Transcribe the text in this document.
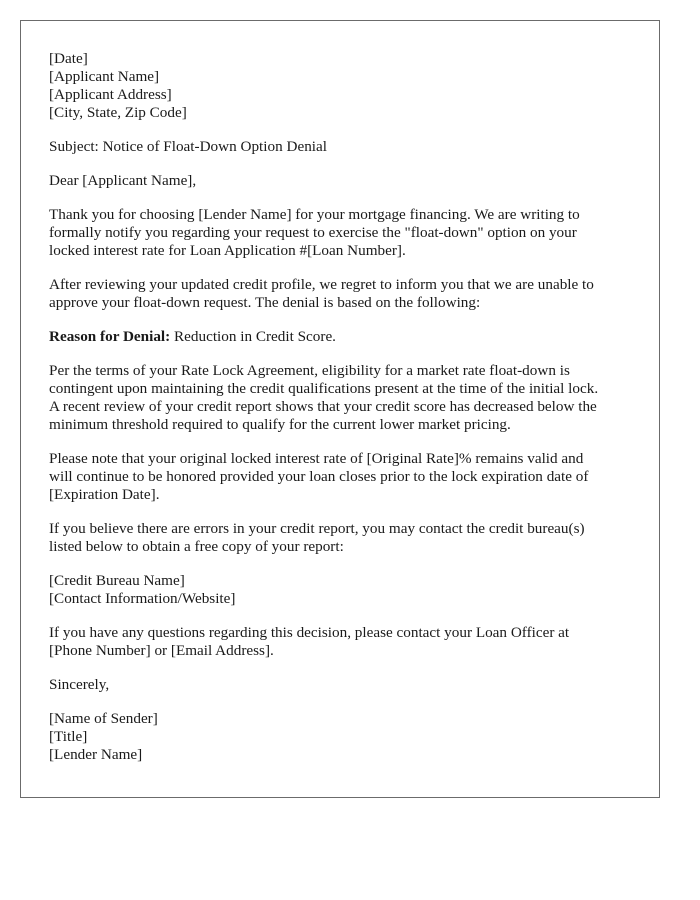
[Date]
[Applicant Name]
[Applicant Address]
[City, State, Zip Code]

Subject: Notice of Float-Down Option Denial

Dear [Applicant Name],

Thank you for choosing [Lender Name] for your mortgage financing. We are writing to
formally notify you regarding your request to exercise the "float-down" option on your
locked interest rate for Loan Application #[Loan Number].

After reviewing your updated credit profile, we regret to inform you that we are unable to
approve your float-down request. The denial is based on the following:

Reason for Denial: Reduction in Credit Score.

Per the terms of your Rate Lock Agreement, eligibility for a market rate float-down is
contingent upon maintaining the credit qualifications present at the time of the initial lock.
A recent review of your credit report shows that your credit score has decreased below the
minimum threshold required to qualify for the current lower market pricing.

Please note that your original locked interest rate of [Original Rate]% remains valid and
will continue to be honored provided your loan closes prior to the lock expiration date of
[Expiration Date].

If you believe there are errors in your credit report, you may contact the credit bureau(s)
listed below to obtain a free copy of your report:

[Credit Bureau Name]
[Contact Information/Website]

If you have any questions regarding this decision, please contact your Loan Officer at
[Phone Number] or [Email Address].

Sincerely,

[Name of Sender]
[Title]
[Lender Name]
